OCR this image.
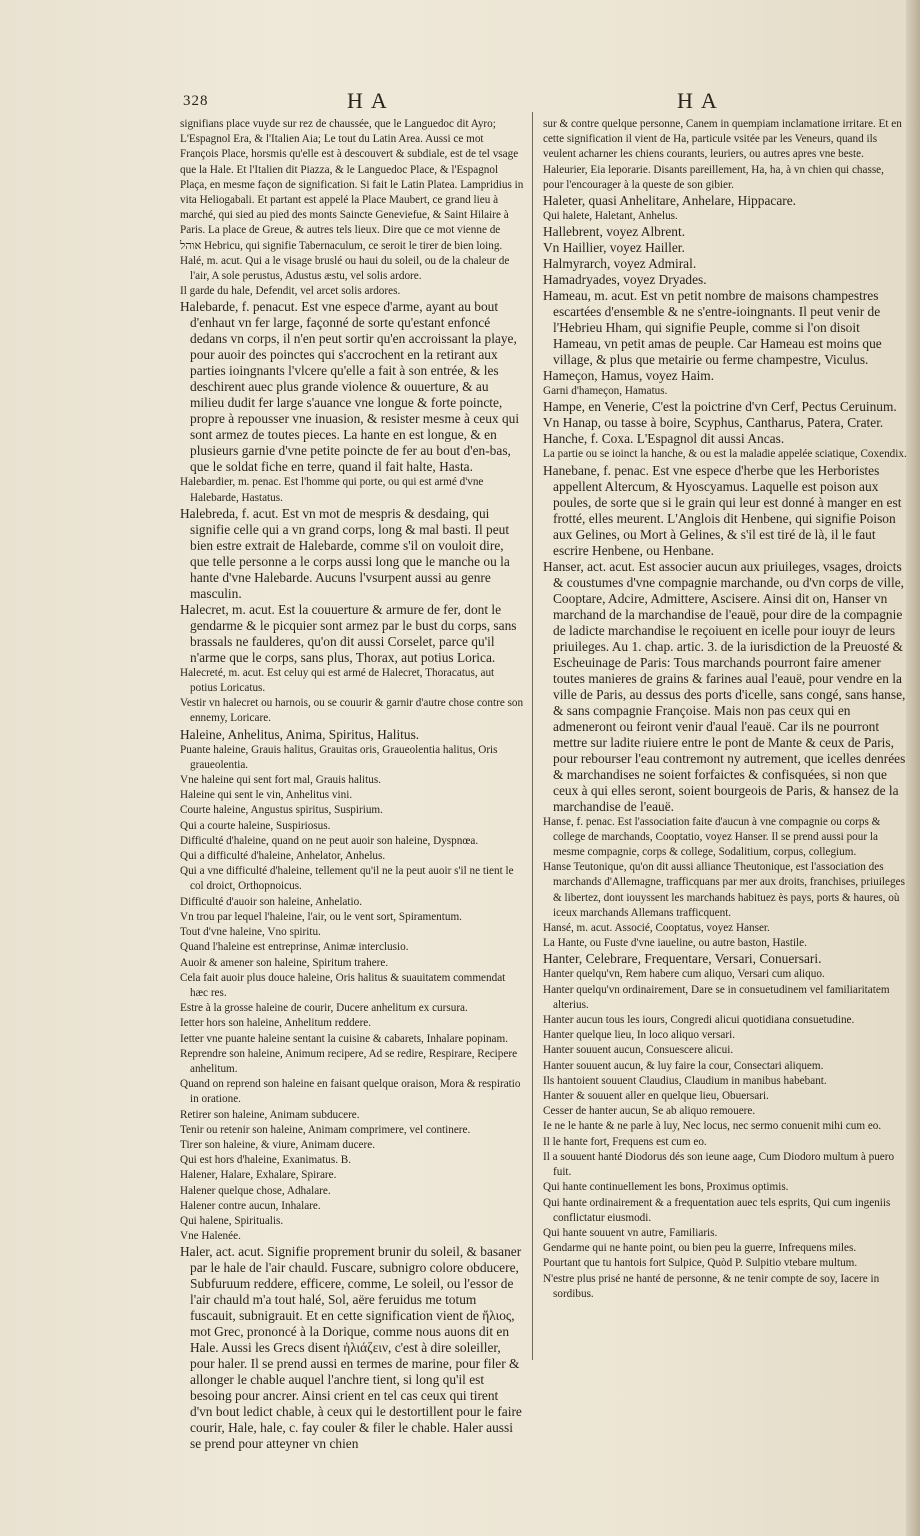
328	HA	HA

signifians place vuyde sur rez de chaussée, que le Languedoc dit Ayro; L'Espagnol Era, & l'Italien Aia; Le tout du Latin Area. Aussi ce mot François Place, horsmis qu'elle est à descouvert & subdiale, est de tel vsage que la Hale. Et l'Italien dit Piazza, & le Languedoc Place, & l'Espagnol Plaça, en mesme façon de signification. Si fait le Latin Platea. Lampridius in vita Heliogabali. Et partant est appelé la Place Maubert, ce grand lieu à marché, qui sied au pied des monts Saincte Geneviefue, & Saint Hilaire à Paris. La place de Greue, & autres tels lieux. Dire que ce mot vienne de אוהל Hebricu, qui signifie Tabernaculum, ce seroit le tirer de bien loing.

Halé, m. acut. Qui a le visage bruslé ou haui du soleil, ou de la chaleur de l'air, A sole perustus, Adustus æstu, vel solis ardore.

Il garde du hale, Defendit, vel arcet solis ardores.

Halebarde, f. penacut. Est vne espece d'arme, ayant au bout d'enhaut vn fer large, façonné de sorte qu'estant enfoncé dedans vn corps, il n'en peut sortir qu'en accroissant la playe, pour auoir des poinctes qui s'accrochent en la retirant aux parties ioingnants l'vlcere qu'elle a fait à son entrée, & les deschirent auec plus grande violence & ouuerture, & au milieu dudit fer large s'auance vne longue & forte poincte, propre à repousser vne inuasion, & resister mesme à ceux qui sont armez de toutes pieces. La hante en est longue, & en plusieurs garnie d'vne petite poincte de fer au bout d'en-bas, que le soldat fiche en terre, quand il fait halte, Hasta.

Halebardier, m. penac. Est l'homme qui porte, ou qui est armé d'vne Halebarde, Hastatus.

Halebreda, f. acut. Est vn mot de mespris & desdaing, qui signifie celle qui a vn grand corps, long & mal basti. Il peut bien estre extrait de Halebarde, comme s'il on vouloit dire, que telle personne a le corps aussi long que le manche ou la hante d'vne Halebarde. Aucuns l'vsurpent aussi au genre masculin.

Halecret, m. acut. Est la couuerture & armure de fer, dont le gendarme & le picquier sont armez par le bust du corps, sans brassals ne faulderes, qu'on dit aussi Corselet, parce qu'il n'arme que le corps, sans plus, Thorax, aut potius Lorica.

Halecreté, m. acut. Est celuy qui est armé de Halecret, Thoracatus, aut potius Loricatus.

Vestir vn halecret ou harnois, ou se couurir & garnir d'autre chose contre son ennemy, Loricare.

Haleine, Anhelitus, Anima, Spiritus, Halitus.

Puante haleine, Grauis halitus, Grauitas oris, Graueolentia halitus, Oris graueolentia.

Vne haleine qui sent fort mal, Grauis halitus.

Haleine qui sent le vin, Anhelitus vini.

Courte haleine, Angustus spiritus, Suspirium.

Qui a courte haleine, Suspiriosus.

Difficulté d'haleine, quand on ne peut auoir son haleine, Dyspnœa.

Qui a difficulté d'haleine, Anhelator, Anhelus.

Qui a vne difficulté d'haleine, tellement qu'il ne la peut auoir s'il ne tient le col droict, Orthopnoicus.

Difficulté d'auoir son haleine, Anhelatio.

Vn trou par lequel l'haleine, l'air, ou le vent sort, Spiramentum.

Tout d'vne haleine, Vno spiritu.

Quand l'haleine est entreprinse, Animæ interclusio.

Auoir & amener son haleine, Spiritum trahere.

Cela fait auoir plus douce haleine, Oris halitus & suauitatem commendat hæc res.

Estre à la grosse haleine de courir, Ducere anhelitum ex cursura.

Ietter hors son haleine, Anhelitum reddere.

Ietter vne puante haleine sentant la cuisine & cabarets, Inhalare popinam.

Reprendre son haleine, Animum recipere, Ad se redire, Respirare, Recipere anhelitum.

Quand on reprend son haleine en faisant quelque oraison, Mora & respiratio in oratione.

Retirer son haleine, Animam subducere.

Tenir ou retenir son haleine, Animam comprimere, vel continere.

Tirer son haleine, & viure, Animam ducere.

Qui est hors d'haleine, Exanimatus. B.

Halener, Halare, Exhalare, Spirare.

Halener quelque chose, Adhalare.

Halener contre aucun, Inhalare.

Qui halene, Spiritualis.

Vne Halenée.

Haler, act. acut. Signifie proprement brunir du soleil, & basaner par le hale de l'air chauld. Fuscare, subnigro colore obducere, Subfuruum reddere, efficere, comme, Le soleil, ou l'essor de l'air chauld m'a tout halé, Sol, aëre feruidus me totum fuscauit, subnigrauit. Et en cette signification vient de ἥλιος, mot Grec, prononcé à la Dorique, comme nous auons dit en Hale. Aussi les Grecs disent ἡλιάζειν, c'est à dire soleiller, pour haler. Il se prend aussi en termes de marine, pour filer & allonger le chable auquel l'anchre tient, si long qu'il est besoing pour ancrer. Ainsi crient en tel cas ceux qui tirent d'vn bout ledict chable, à ceux qui le destortillent pour le faire courir, Hale, hale, c. fay couler & filer le chable. Haler aussi se prend pour atteyner vn chien

sur & contre quelque personne, Canem in quempiam inclamatione irritare. Et en cette signification il vient de Ha, particule vsitée par les Veneurs, quand ils veulent acharner les chiens courants, leuriers, ou autres apres vne beste. Haleurier, Eia leporarie. Disants pareillement, Ha, ha, à vn chien qui chasse, pour l'encourager à la queste de son gibier.

Haleter, quasi Anhelitare, Anhelare, Hippacare.

Qui halete, Haletant, Anhelus.

Hallebrent, voyez Albrent.

Vn Haillier, voyez Hailler.

Halmyrarch, voyez Admiral.

Hamadryades, voyez Dryades.

Hameau, m. acut. Est vn petit nombre de maisons champestres escartées d'ensemble & ne s'entre-ioingnants. Il peut venir de l'Hebrieu Hham, qui signifie Peuple, comme si l'on disoit Hameau, vn petit amas de peuple. Car Hameau est moins que village, & plus que metairie ou ferme champestre, Viculus.

Hameçon, Hamus, voyez Haim.

Garni d'hameçon, Hamatus.

Hampe, en Venerie, C'est la poictrine d'vn Cerf, Pectus Ceruinum.

Vn Hanap, ou tasse à boire, Scyphus, Cantharus, Patera, Crater.

Hanche, f. Coxa. L'Espagnol dit aussi Ancas.

La partie ou se ioinct la hanche, & ou est la maladie appelée sciatique, Coxendix.

Hanebane, f. penac. Est vne espece d'herbe que les Herboristes appellent Altercum, & Hyoscyamus. Laquelle est poison aux poules, de sorte que si le grain qui leur est donné à manger en est frotté, elles meurent. L'Anglois dit Henbene, qui signifie Poison aux Gelines, ou Mort à Gelines, & s'il est tiré de là, il le faut escrire Henbene, ou Henbane.

Hanser, act. acut. Est associer aucun aux priuileges, vsages, droicts & coustumes d'vne compagnie marchande, ou d'vn corps de ville, Cooptare, Adcire, Admittere, Ascisere. Ainsi dit on, Hanser vn marchand de la marchandise de l'eauë, pour dire de la compagnie de ladicte marchandise le reçoiuent en icelle pour iouyr de leurs priuileges. Au 1. chap. artic. 3. de la iurisdiction de la Preuosté & Escheuinage de Paris: Tous marchands pourront faire amener toutes manieres de grains & farines aual l'eauë, pour vendre en la ville de Paris, au dessus des ports d'icelle, sans congé, sans hanse, & sans compagnie Françoise. Mais non pas ceux qui en admeneront ou feiront venir d'aual l'eauë. Car ils ne pourront mettre sur ladite riuiere entre le pont de Mante & ceux de Paris, pour rebourser l'eau contremont ny autrement, que icelles denrées & marchandises ne soient forfaictes & confisquées, si non que ceux à qui elles seront, soient bourgeois de Paris, & hansez de la marchandise de l'eauë.

Hanse, f. penac. Est l'association faite d'aucun à vne compagnie ou corps & college de marchands, Cooptatio, voyez Hanser. Il se prend aussi pour la mesme compagnie, corps & college, Sodalitium, corpus, collegium.

Hanse Teutonique, qu'on dit aussi alliance Theutonique, est l'association des marchands d'Allemagne, trafficquans par mer aux droits, franchises, priuileges & libertez, dont iouyssent les marchands habituez ès pays, ports & haures, où iceux marchands Allemans trafficquent.

Hansé, m. acut. Associé, Cooptatus, voyez Hanser.

La Hante, ou Fuste d'vne iaueline, ou autre baston, Hastile.

Hanter, Celebrare, Frequentare, Versari, Conuersari.

Hanter quelqu'vn, Rem habere cum aliquo, Versari cum aliquo.

Hanter quelqu'vn ordinairement, Dare se in consuetudinem vel familiaritatem alterius.

Hanter aucun tous les iours, Congredi alicui quotidiana consuetudine.

Hanter quelque lieu, In loco aliquo versari.

Hanter souuent aucun, Consuescere alicui.

Hanter souuent aucun, & luy faire la cour, Consectari aliquem.

Ils hantoient souuent Claudius, Claudium in manibus habebant.

Hanter & souuent aller en quelque lieu, Obuersari.

Cesser de hanter aucun, Se ab aliquo remouere.

Ie ne le hante & ne parle à luy, Nec locus, nec sermo conuenit mihi cum eo.

Il le hante fort, Frequens est cum eo.

Il a souuent hanté Diodorus dés son ieune aage, Cum Diodoro multum à puero fuit.

Qui hante continuellement les bons, Proximus optimis.

Qui hante ordinairement & a frequentation auec tels esprits, Qui cum ingeniis conflictatur eiusmodi.

Qui hante souuent vn autre, Familiaris.

Gendarme qui ne hante point, ou bien peu la guerre, Infrequens miles.

Pourtant que tu hantois fort Sulpice, Quòd P. Sulpitio vtebare multum.

N'estre plus prisé ne hanté de personne, & ne tenir compte de soy, Iacere in sordibus.
